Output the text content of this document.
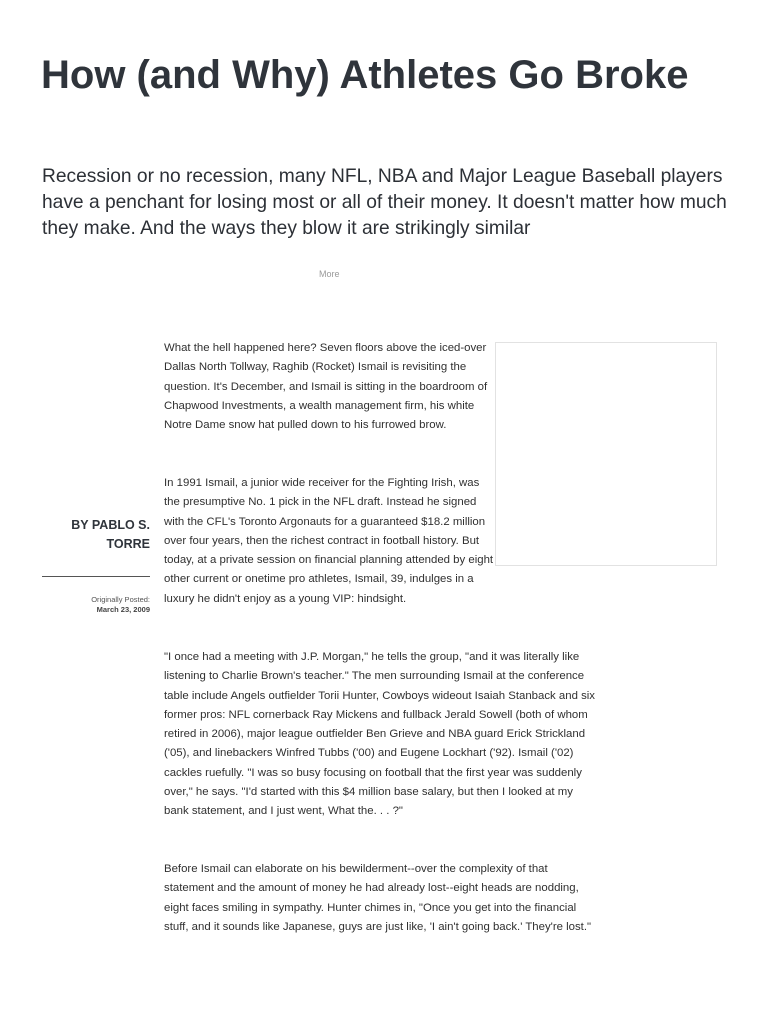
How (and Why) Athletes Go Broke

Recession or no recession, many NFL, NBA and Major League Baseball players have a penchant for losing most or all of their money. It doesn't matter how much they make. And the ways they blow it are strikingly similar

More
BY PABLO S. TORRE
Originally Posted:
March 23, 2009

What the hell happened here? Seven floors above the iced-over Dallas North Tollway, Raghib (Rocket) Ismail is revisiting the question. It's December, and Ismail is sitting in the boardroom of Chapwood Investments, a wealth management firm, his white Notre Dame snow hat pulled down to his furrowed brow.

In 1991 Ismail, a junior wide receiver for the Fighting Irish, was the presumptive No. 1 pick in the NFL draft. Instead he signed with the CFL's Toronto Argonauts for a guaranteed $18.2 million over four years, then the richest contract in football history. But today, at a private session on financial planning attended by eight other current or onetime pro athletes, Ismail, 39, indulges in a luxury he didn't enjoy as a young VIP: hindsight.

"I once had a meeting with J.P. Morgan," he tells the group, "and it was literally like listening to Charlie Brown's teacher." The men surrounding Ismail at the conference table include Angels outfielder Torii Hunter, Cowboys wideout Isaiah Stanback and six former pros: NFL cornerback Ray Mickens and fullback Jerald Sowell (both of whom retired in 2006), major league outfielder Ben Grieve and NBA guard Erick Strickland ('05), and linebackers Winfred Tubbs ('00) and Eugene Lockhart ('92). Ismail ('02) cackles ruefully. "I was so busy focusing on football that the first year was suddenly over," he says. "I'd started with this $4 million base salary, but then I looked at my bank statement, and I just went, What the. . . ?"

Before Ismail can elaborate on his bewilderment--over the complexity of that statement and the amount of money he had already lost--eight heads are nodding, eight faces smiling in sympathy. Hunter chimes in, "Once you get into the financial stuff, and it sounds like Japanese, guys are just like, 'I ain't going back.' They're lost."
